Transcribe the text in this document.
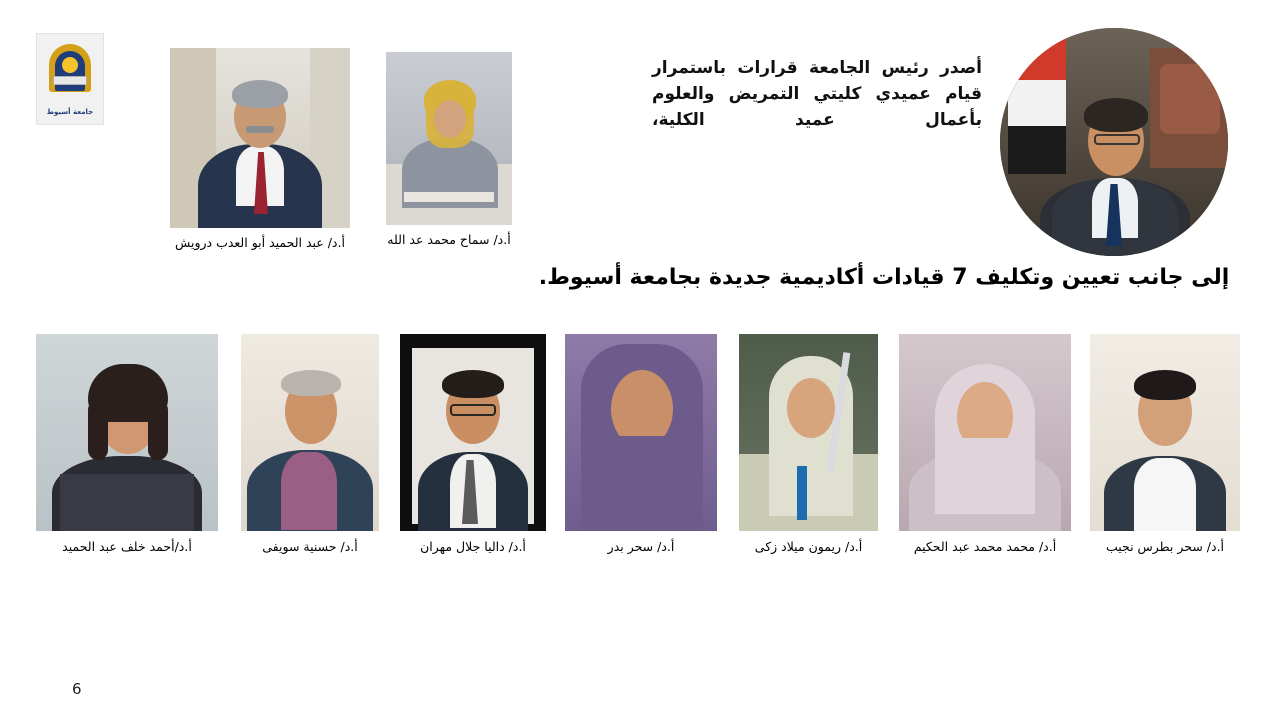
جامعة أسيوط
أ.د/ عبد الحميد أبو العدب درويش	أ.د/ سماح محمد عد الله
أصدر رئيس الجامعة قرارات باستمرار قيام عميدي كليتي التمريض والعلوم بأعمال عميد الكلية،
إلى جانب تعيين وتكليف 7 قيادات أكاديمية جديدة بجامعة أسيوط.
أ.د/ سحر بطرس نجيب
أ.د/ محمد محمد عبد الحكيم
أ.د/ ريمون ميلاد زكى
أ.د/ سحر بدر
أ.د/ داليا جلال مهران
أ.د/ حسنية سويفى
أ.د/أحمد خلف عبد الحميد
6
